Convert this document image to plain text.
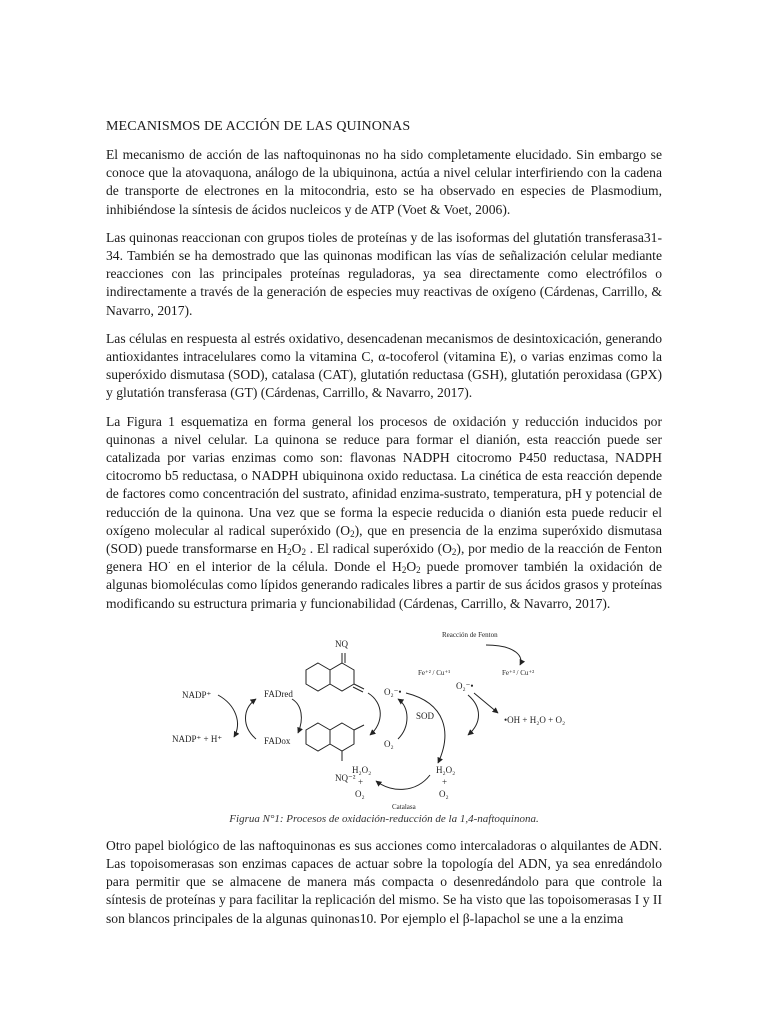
MECANISMOS DE ACCIÓN DE LAS QUINONAS

El mecanismo de acción de las naftoquinonas no ha sido completamente elucidado. Sin embargo se conoce que la atovaquona, análogo de la ubiquinona, actúa a nivel celular interfiriendo con la cadena de transporte de electrones en la mitocondria, esto se ha observado en especies de Plasmodium, inhibiéndose la síntesis de ácidos nucleicos y de ATP (Voet & Voet, 2006).

Las quinonas reaccionan con grupos tioles de proteínas y de las isoformas del glutatión transferasa31-34. También se ha demostrado que las quinonas modifican las vías de señalización celular mediante reacciones con las principales proteínas reguladoras, ya sea directamente como electrófilos o indirectamente a través de la generación de especies muy reactivas de oxígeno (Cárdenas, Carrillo, & Navarro, 2017).

Las células en respuesta al estrés oxidativo, desencadenan mecanismos de desintoxicación, generando antioxidantes intracelulares como la vitamina C, α-tocoferol (vitamina E), o varias enzimas como la superóxido dismutasa (SOD), catalasa (CAT), glutatión reductasa (GSH), glutatión peroxidasa (GPX) y glutatión transferasa (GT) (Cárdenas, Carrillo, & Navarro, 2017).

La Figura 1 esquematiza en forma general los procesos de oxidación y reducción inducidos por quinonas a nivel celular. La quinona se reduce para formar el dianión, esta reacción puede ser catalizada por varias enzimas como son: flavonas NADPH citocromo P450 reductasa, NADPH citocromo b5 reductasa, o NADPH ubiquinona oxido reductasa. La cinética de esta reacción depende de factores como concentración del sustrato, afinidad enzima-sustrato, temperatura, pH y potencial de reducción de la quinona. Una vez que se forma la especie reducida o dianión esta puede reducir el oxígeno molecular al radical superóxido $(O_2)$, que en presencia de la enzima superóxido dismutasa (SOD) puede transformarse en $H_2O_2$ . El radical superóxido $(O_2)$, por medio de la reacción de Fenton genera HO· en el interior de la célula. Donde el $H_2O_2$ puede promover también la oxidación de algunas biomoléculas como lípidos generando radicales libres a partir de sus ácidos grasos y proteínas modificando su estructura primaria y funcionabilidad (Cárdenas, Carrillo, & Navarro, 2017).

NQ
NQ⁻²
NADP⁺	FADred
NADP⁺ + H⁺	FADox
O₂⁻•
O₂
SOD
Reacción de Fenton
Fe⁺² / Cu⁺¹	Fe⁺³ / Cu⁺²
O₂⁻•
•OH + H₂O + O₂
H₂O₂
+
O₂
H₂O₂
+
O₂
Catalasa

Figrua N°1: Procesos de oxidación-reducción de la 1,4-naftoquinona.

Otro papel biológico de las naftoquinonas es sus acciones como intercaladoras o alquilantes de ADN. Las topoisomerasas son enzimas capaces de actuar sobre la topología del ADN, ya sea enredándolo para permitir que se almacene de manera más compacta o desenredándolo para que controle la síntesis de proteínas y para facilitar la replicación del mismo. Se ha visto que las topoisomerasas I y II son blancos principales de la algunas quinonas10. Por ejemplo el β-lapachol se une a la enzima
